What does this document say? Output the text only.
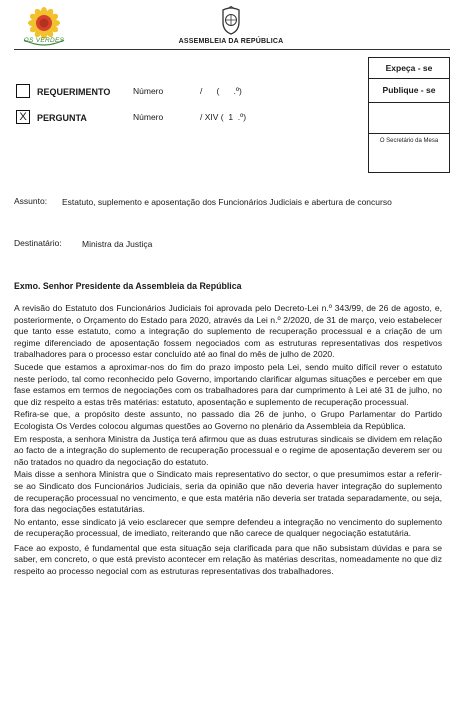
OS VERDES	ASSEMBLEIA DA REPÚBLICA
Expeça - se
Publique - se
O Secretário da Mesa
REQUERIMENTO	Número	/      (      .º)
X	PERGUNTA	Número	/ XIV (  1  .º)
Assunto: Estatuto, suplemento e aposentação dos Funcionários Judiciais e abertura de concurso
Destinatário: Ministra da Justiça
Exmo. Senhor Presidente da Assembleia da República

A revisão do Estatuto dos Funcionários Judiciais foi aprovada pelo Decreto-Lei n.º 343/99, de 26 de agosto, e, posteriormente, o Orçamento do Estado para 2020, através da Lei n.º 2/2020, de 31 de março, veio estabelecer que tanto esse estatuto, como a integração do suplemento de recuperação processual e a criação de um regime diferenciado de aposentação fossem negociados com as estruturas representativas dos respetivos trabalhadores para o processo estar concluído até ao final do mês de julho de 2020.

Sucede que estamos a aproximar-nos do fim do prazo imposto pela Lei, sendo muito difícil rever o estatuto neste período, tal como reconhecido pelo Governo, importando clarificar algumas situações e perceber em que fase estamos em termos de negociações com os trabalhadores para dar cumprimento à Lei até 31 de julho, no que diz respeito a estas três matérias: estatuto, aposentação e suplemento de recuperação processual.

Refira-se que, a propósito deste assunto, no passado dia 26 de junho, o Grupo Parlamentar do Partido Ecologista Os Verdes colocou algumas questões ao Governo no plenário da Assembleia da República.

Em resposta, a senhora Ministra da Justiça terá afirmou que as duas estruturas sindicais se dividem em relação ao facto de a integração do suplemento de recuperação processual e o regime de aposentação deverem ser ou não tratados no quadro da negociação do estatuto.

Mais disse a senhora Ministra que o Sindicato mais representativo do sector, o que presumimos estar a referir-se ao Sindicato dos Funcionários Judiciais, seria da opinião que não deveria haver integração do suplemento de recuperação processual no vencimento, e que esta matéria não deveria ser tratada separadamente, ou seja, fora das negociações estatutárias.

No entanto, esse sindicato já veio esclarecer que sempre defendeu a integração no vencimento do suplemento de recuperação processual, de imediato, reiterando que não carece de qualquer negociação estatutária.

Face ao exposto, é fundamental que esta situação seja clarificada para que não subsistam dúvidas e para se saber, em concreto, o que está previsto acontecer em relação às matérias descritas, nomeadamente no que diz respeito ao processo negocial com as estruturas representativas dos trabalhadores.
